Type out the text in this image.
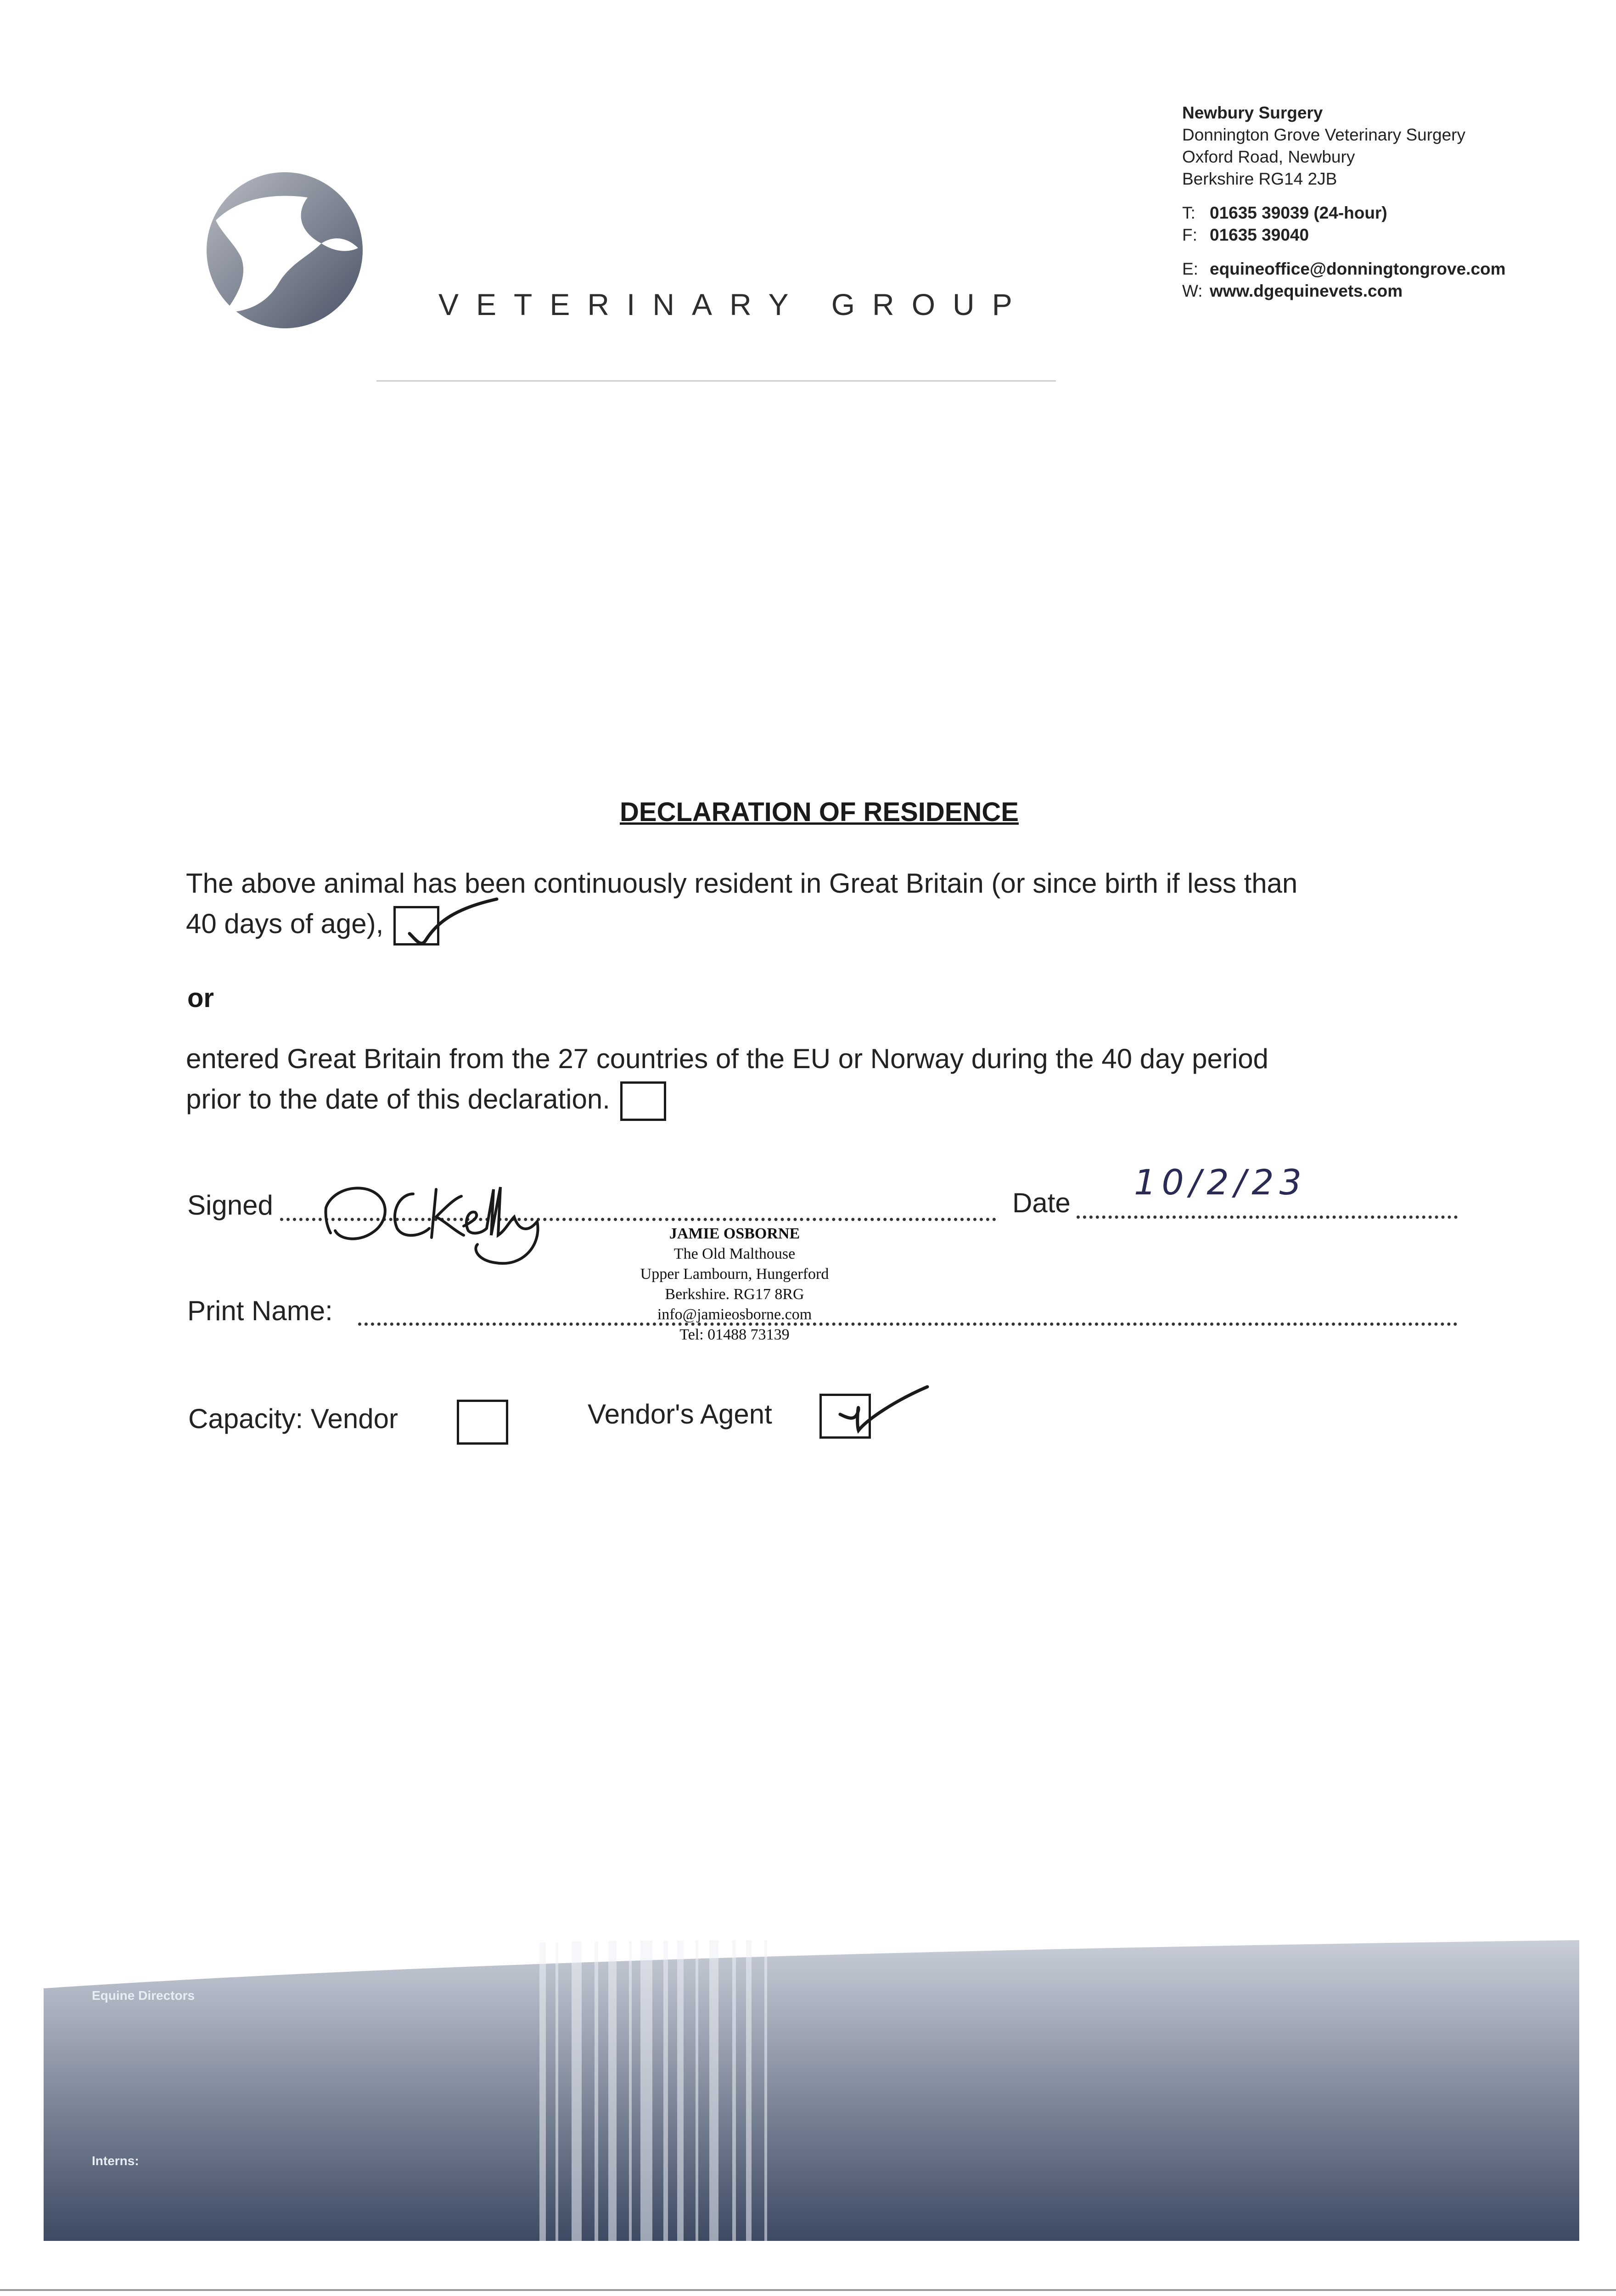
VETERINARY GROUP
Newbury Surgery
Donnington Grove Veterinary Surgery
Oxford Road, Newbury
Berkshire RG14 2JB
T: 01635 39039 (24-hour)
F: 01635 39040
E: equineoffice@donningtongrove.com
W: www.dgequinevets.com
DECLARATION OF RESIDENCE
The above animal has been continuously resident in Great Britain (or since birth if less than
40 days of age),
or
entered Great Britain from the 27 countries of the EU or Norway during the 40 day period
prior to the date of this declaration.
Signed	Date
10/2/23
JAMIE OSBORNE
The Old Malthouse
Upper Lambourn, Hungerford
Berkshire. RG17 8RG
info@jamieosborne.com
Tel: 01488 73139
Print Name:
Capacity: Vendor	Vendor's Agent
Equine Directors
Interns:
